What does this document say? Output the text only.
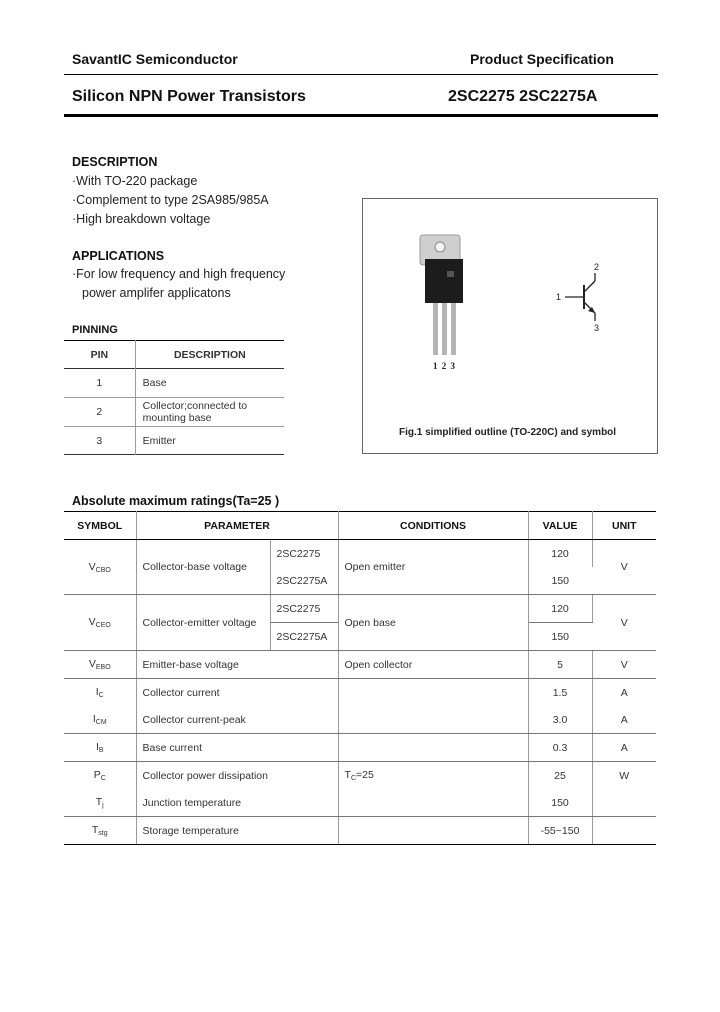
SavantIC Semiconductor	Product Specification
Silicon NPN Power Transistors	2SC2275 2SC2275A
DESCRIPTION
·With TO-220 package
·Complement to type 2SA985/985A
·High breakdown voltage
APPLICATIONS
·For low frequency and high frequency
power amplifer applicatons
PINNING
PIN	DESCRIPTION
1	Base
2	Collector;connected to mounting base
3	Emitter
1 2 3
1
2
3
Fig.1 simplified outline (TO-220C) and symbol
Absolute maximum ratings(Ta=25 )
SYMBOL	PARAMETER		CONDITIONS	VALUE	UNIT
$V_{CBO}$	Collector-base voltage	2SC2275	Open emitter	120	V
		2SC2275A		150	
$V_{CEO}$	Collector-emitter voltage	2SC2275	Open base	120	V
		2SC2275A		150	
$V_{EBO}$	Emitter-base voltage		Open collector	5	V
$I_C$	Collector current			1.5	A
$I_{CM}$	Collector current-peak			3.0	A
$I_B$	Base current			0.3	A
$P_C$	Collector power dissipation		$T_C=25$	25	W
$T_j$	Junction temperature			150	
$T_{stg}$	Storage temperature			-55~150	
